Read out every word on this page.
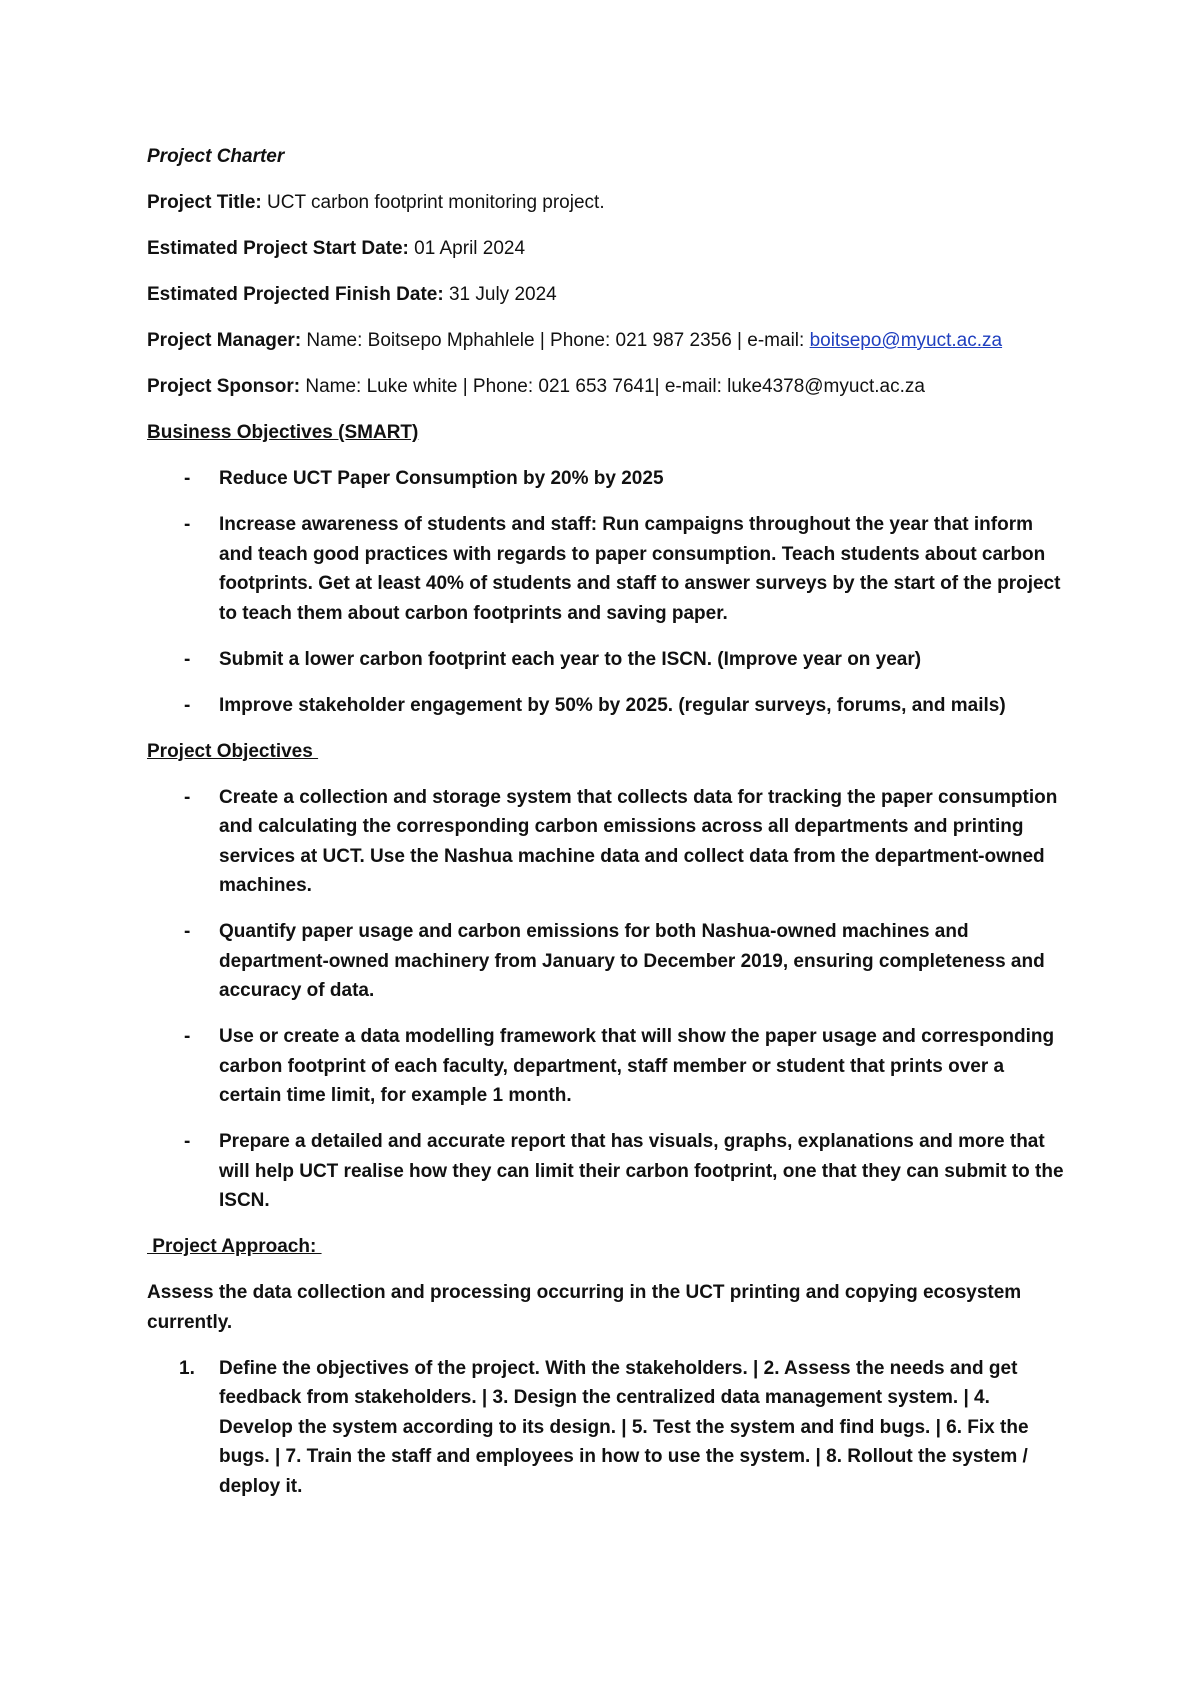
Project Charter

Project Title: UCT carbon footprint monitoring project.

Estimated Project Start Date: 01 April 2024

Estimated Projected Finish Date: 31 July 2024

Project Manager: Name: Boitsepo Mphahlele | Phone: 021 987 2356 | e-mail: boitsepo@myuct.ac.za

Project Sponsor: Name: Luke white | Phone: 021 653 7641| e-mail: luke4378@myuct.ac.za

Business Objectives (SMART)

- Reduce UCT Paper Consumption by 20% by 2025
- Increase awareness of students and staff: Run campaigns throughout the year that inform and teach good practices with regards to paper consumption. Teach students about carbon footprints. Get at least 40% of students and staff to answer surveys by the start of the project to teach them about carbon footprints and saving paper.
- Submit a lower carbon footprint each year to the ISCN. (Improve year on year)
- Improve stakeholder engagement by 50% by 2025. (regular surveys, forums, and mails)

Project Objectives

- Create a collection and storage system that collects data for tracking the paper consumption and calculating the corresponding carbon emissions across all departments and printing services at UCT. Use the Nashua machine data and collect data from the department-owned machines.
- Quantify paper usage and carbon emissions for both Nashua-owned machines and department-owned machinery from January to December 2019, ensuring completeness and accuracy of data.
- Use or create a data modelling framework that will show the paper usage and corresponding carbon footprint of each faculty, department, staff member or student that prints over a certain time limit, for example 1 month.
- Prepare a detailed and accurate report that has visuals, graphs, explanations and more that will help UCT realise how they can limit their carbon footprint, one that they can submit to the ISCN.

Project Approach:

Assess the data collection and processing occurring in the UCT printing and copying ecosystem currently.

1. Define the objectives of the project. With the stakeholders. | 2. Assess the needs and get feedback from stakeholders. | 3. Design the centralized data management system. | 4. Develop the system according to its design. | 5. Test the system and find bugs. | 6. Fix the bugs. | 7. Train the staff and employees in how to use the system. | 8. Rollout the system / deploy it.
